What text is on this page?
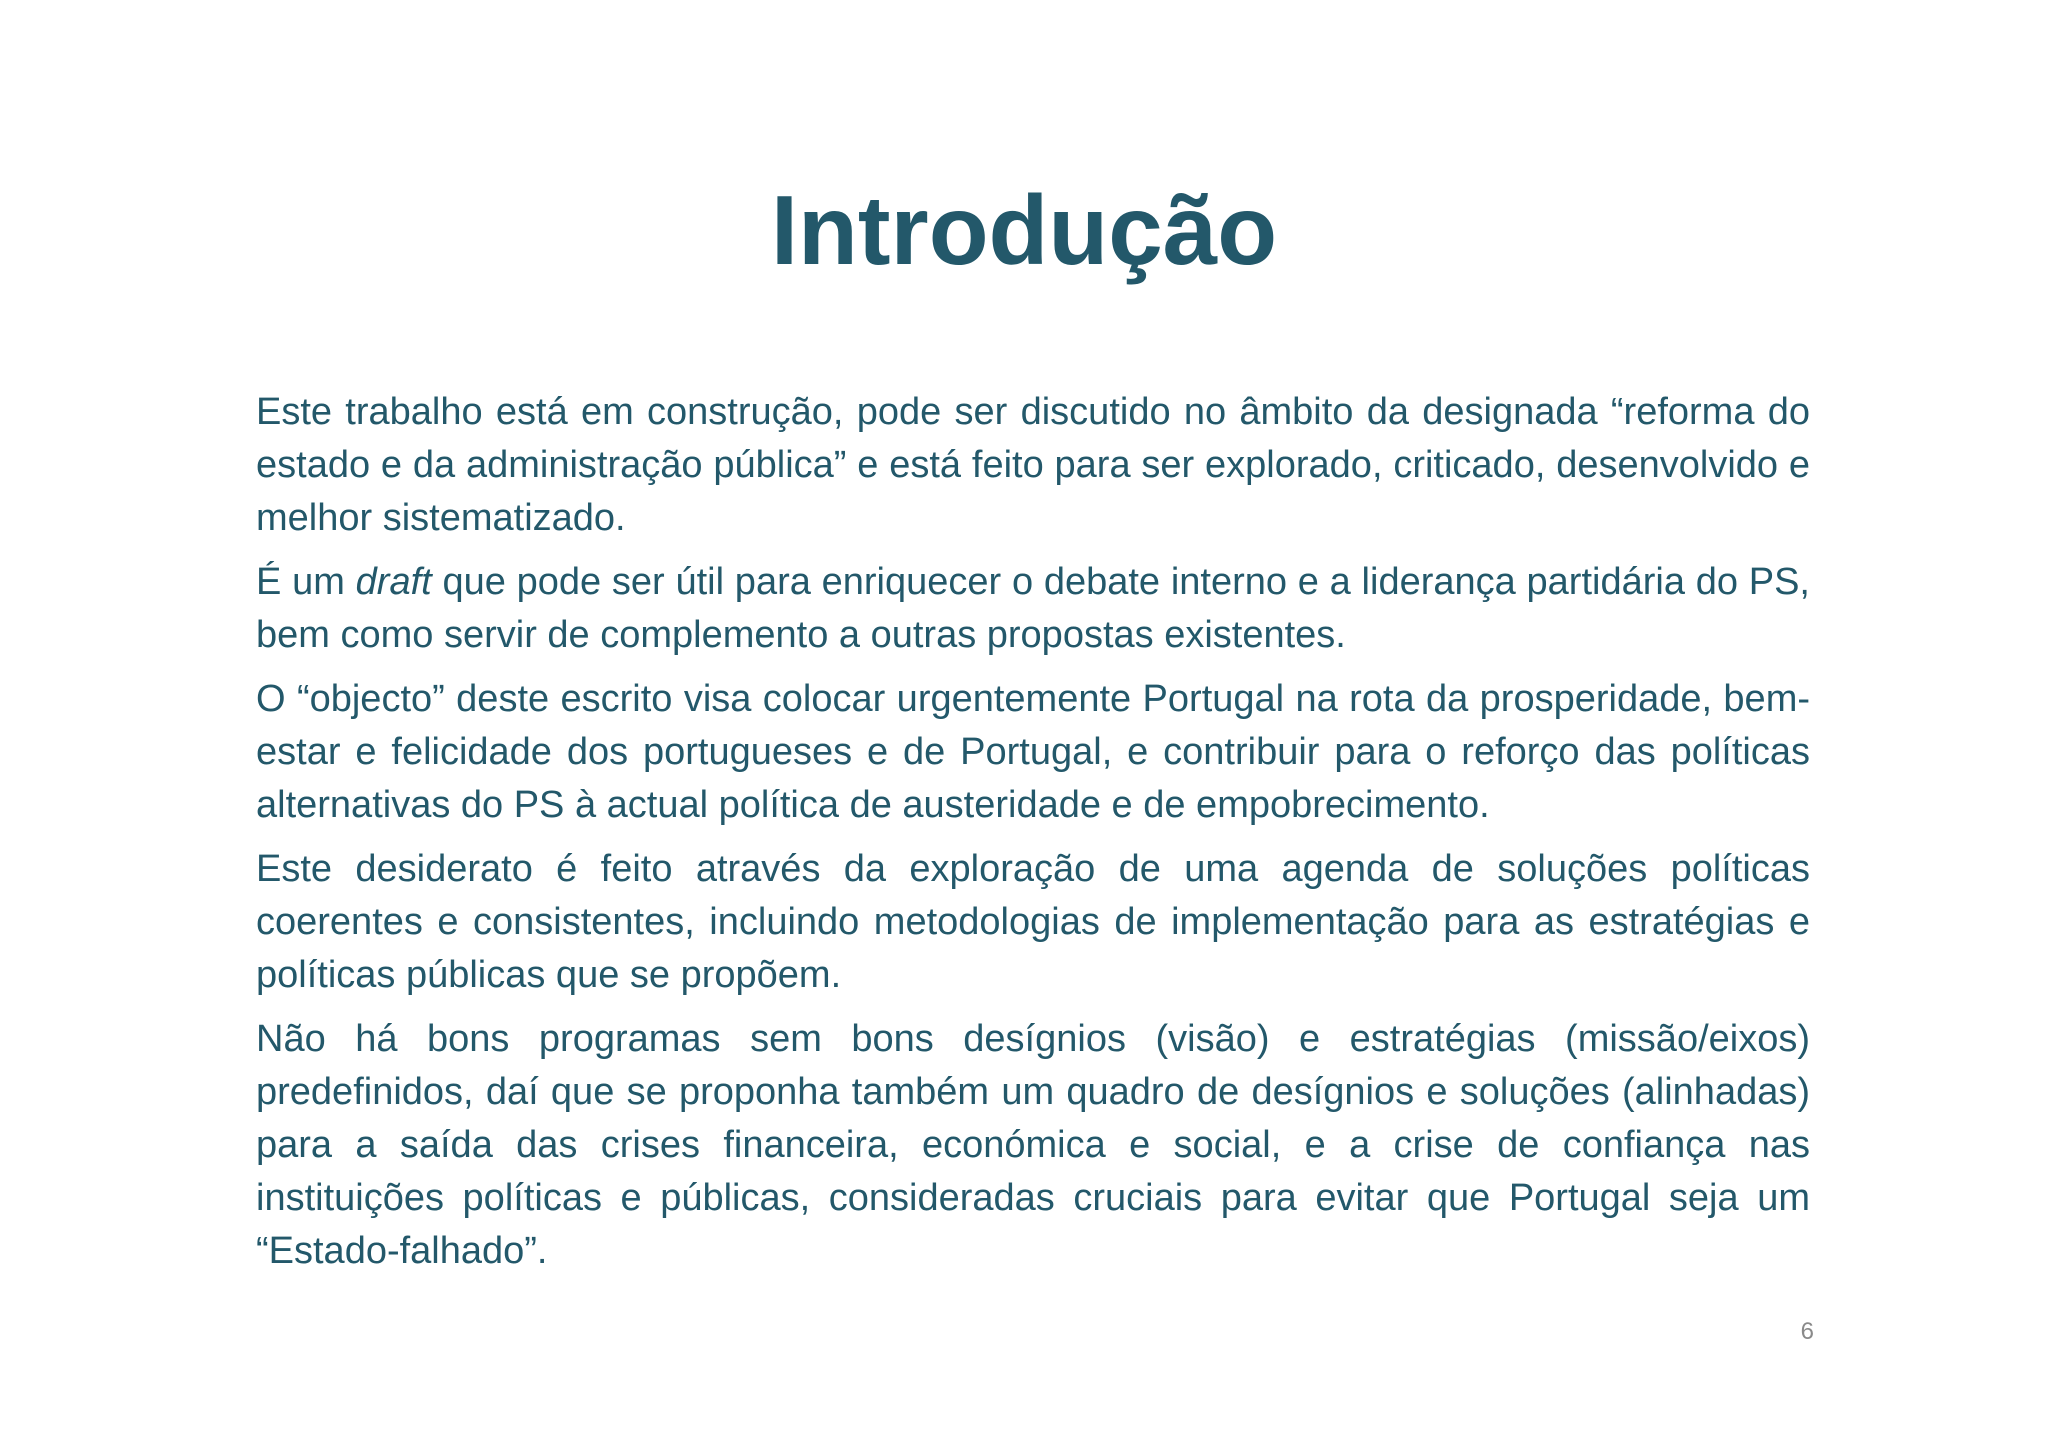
Introdução

Este trabalho está em construção, pode ser discutido no âmbito da designada “reforma do estado e da administração pública” e está feito para ser explorado, criticado, desenvolvido e melhor sistematizado.

É um draft que pode ser útil para enriquecer o debate interno e a liderança partidária do PS, bem como servir de complemento a outras propostas existentes.

O “objecto” deste escrito visa colocar urgentemente Portugal na rota da prosperidade, bem-estar e felicidade dos portugueses e de Portugal, e contribuir para o reforço das políticas alternativas do PS à actual política de austeridade e de empobrecimento.

Este desiderato é feito através da exploração de uma agenda de soluções políticas coerentes e consistentes, incluindo metodologias de implementação para as estratégias e políticas públicas que se propõem.

Não há bons programas sem bons desígnios (visão) e estratégias (missão/eixos) predefinidos, daí que se proponha também um quadro de desígnios e soluções (alinhadas) para a saída das crises financeira, económica e social, e a crise de confiança nas instituições políticas e públicas, consideradas cruciais para evitar que Portugal seja um “Estado-falhado”.

6
